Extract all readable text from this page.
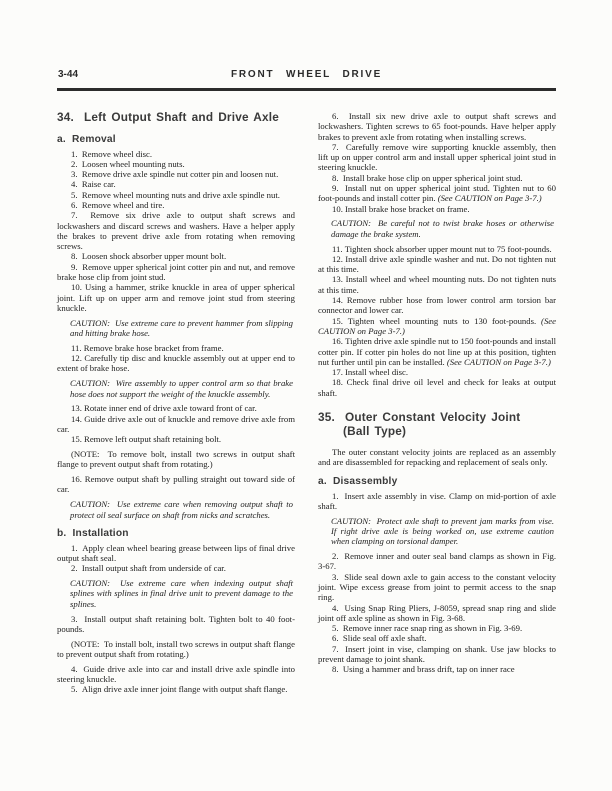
3-44	FRONT WHEEL DRIVE
34.  Left Output Shaft and Drive Axle
a.  Removal

1.  Remove wheel disc.

2.  Loosen wheel mounting nuts.

3.  Remove drive axle spindle nut cotter pin and loosen nut.

4.  Raise car.

5.  Remove wheel mounting nuts and drive axle spindle nut.

6.  Remove wheel and tire.

7.  Remove six drive axle to output shaft screws and lockwashers and discard screws and washers. Have a helper apply the brakes to prevent drive axle from rotating when removing screws.

8.  Loosen shock absorber upper mount bolt.

9.  Remove upper spherical joint cotter pin and nut, and remove brake hose clip from joint stud.

10. Using a hammer, strike knuckle in area of upper spherical joint. Lift up on upper arm and remove joint stud from steering knuckle.

CAUTION:  Use extreme care to prevent hammer from slipping and hitting brake hose.

11. Remove brake hose bracket from frame.

12. Carefully tip disc and knuckle assembly out at upper end to extent of brake hose.

CAUTION:  Wire assembly to upper control arm so that brake hose does not support the weight of the knuckle assembly.

13. Rotate inner end of drive axle toward front of car.

14. Guide drive axle out of knuckle and remove drive axle from car.

15. Remove left output shaft retaining bolt.

(NOTE:  To remove bolt, install two screws in output shaft flange to prevent output shaft from rotating.)

16. Remove output shaft by pulling straight out toward side of car.

CAUTION:  Use extreme care when removing output shaft to protect oil seal surface on shaft from nicks and scratches.

b.  Installation

1.  Apply clean wheel bearing grease between lips of final drive output shaft seal.

2.  Install output shaft from underside of car.

CAUTION:  Use extreme care when indexing output shaft splines with splines in final drive unit to prevent damage to the splines.

3.  Install output shaft retaining bolt. Tighten bolt to 40 foot-pounds.

(NOTE:  To install bolt, install two screws in output shaft flange to prevent output shaft from rotating.)

4.  Guide drive axle into car and install drive axle spindle into steering knuckle.

5.  Align drive axle inner joint flange with output shaft flange.

6.  Install six new drive axle to output shaft screws and lockwashers. Tighten screws to 65 foot-pounds. Have helper apply brakes to prevent axle from rotating when installing screws.

7.  Carefully remove wire supporting knuckle assembly, then lift up on upper control arm and install upper spherical joint stud in steering knuckle.

8.  Install brake hose clip on upper spherical joint stud.

9.  Install nut on upper spherical joint stud. Tighten nut to 60 foot-pounds and install cotter pin. (See CAUTION on Page 3-7.)

10. Install brake hose bracket on frame.

CAUTION:  Be careful not to twist brake hoses or otherwise damage the brake system.

11. Tighten shock absorber upper mount nut to 75 foot-pounds.

12. Install drive axle spindle washer and nut. Do not tighten nut at this time.

13. Install wheel and wheel mounting nuts. Do not tighten nuts at this time.

14. Remove rubber hose from lower control arm torsion bar connector and lower car.

15. Tighten wheel mounting nuts to 130 foot-pounds. (See CAUTION on Page 3-7.)

16. Tighten drive axle spindle nut to 150 foot-pounds and install cotter pin. If cotter pin holes do not line up at this position, tighten nut further until pin can be installed. (See CAUTION on Page 3-7.)

17. Install wheel disc.

18. Check final drive oil level and check for leaks at output shaft.

35.  Outer Constant Velocity Joint
(Ball Type)

The outer constant velocity joints are replaced as an assembly and are disassembled for repacking and replacement of seals only.

a.  Disassembly

1.  Insert axle assembly in vise. Clamp on mid-portion of axle shaft.

CAUTION:  Protect axle shaft to prevent jam marks from vise. If right drive axle is being worked on, use extreme caution when clamping on torsional damper.

2.  Remove inner and outer seal band clamps as shown in Fig. 3-67.

3.  Slide seal down axle to gain access to the constant velocity joint. Wipe excess grease from joint to permit access to the snap ring.

4.  Using Snap Ring Pliers, J-8059, spread snap ring and slide joint off axle spline as shown in Fig. 3-68.

5.  Remove inner race snap ring as shown in Fig. 3-69.

6.  Slide seal off axle shaft.

7.  Insert joint in vise, clamping on shank. Use jaw blocks to prevent damage to joint shank.

8.  Using a hammer and brass drift, tap on inner race
